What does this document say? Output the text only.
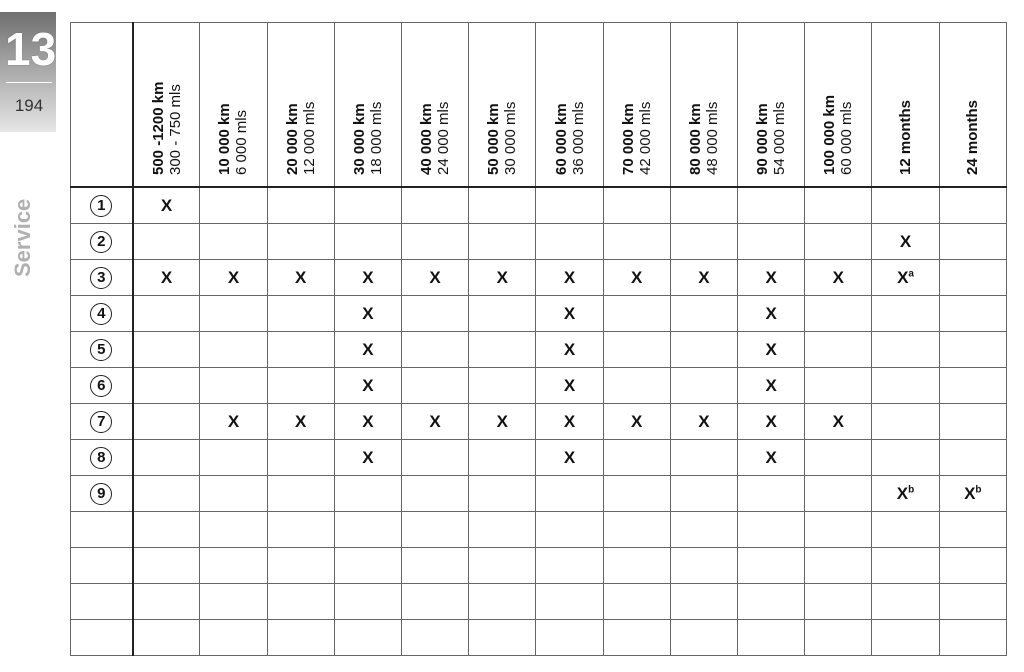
13
194
Service

	500 -1200 km 300 - 750 mls	10 000 km 6 000 mls	20 000 km 12 000 mls	30 000 km 18 000 mls	40 000 km 24 000 mls	50 000 km 30 000 mls	60 000 km 36 000 mls	70 000 km 42 000 mls	80 000 km 48 000 mls	90 000 km 54 000 mls	100 000 km 60 000 mls	12 months	24 months

1	X												
2												X	
3	X	X	X	X	X	X	X	X	X	X	X	$X^a$	
4				X			X			X			
5				X			X			X			
6				X			X			X			
7		X	X	X	X	X	X	X	X	X	X		
8				X			X			X			
9												$X^b$	$X^b$
